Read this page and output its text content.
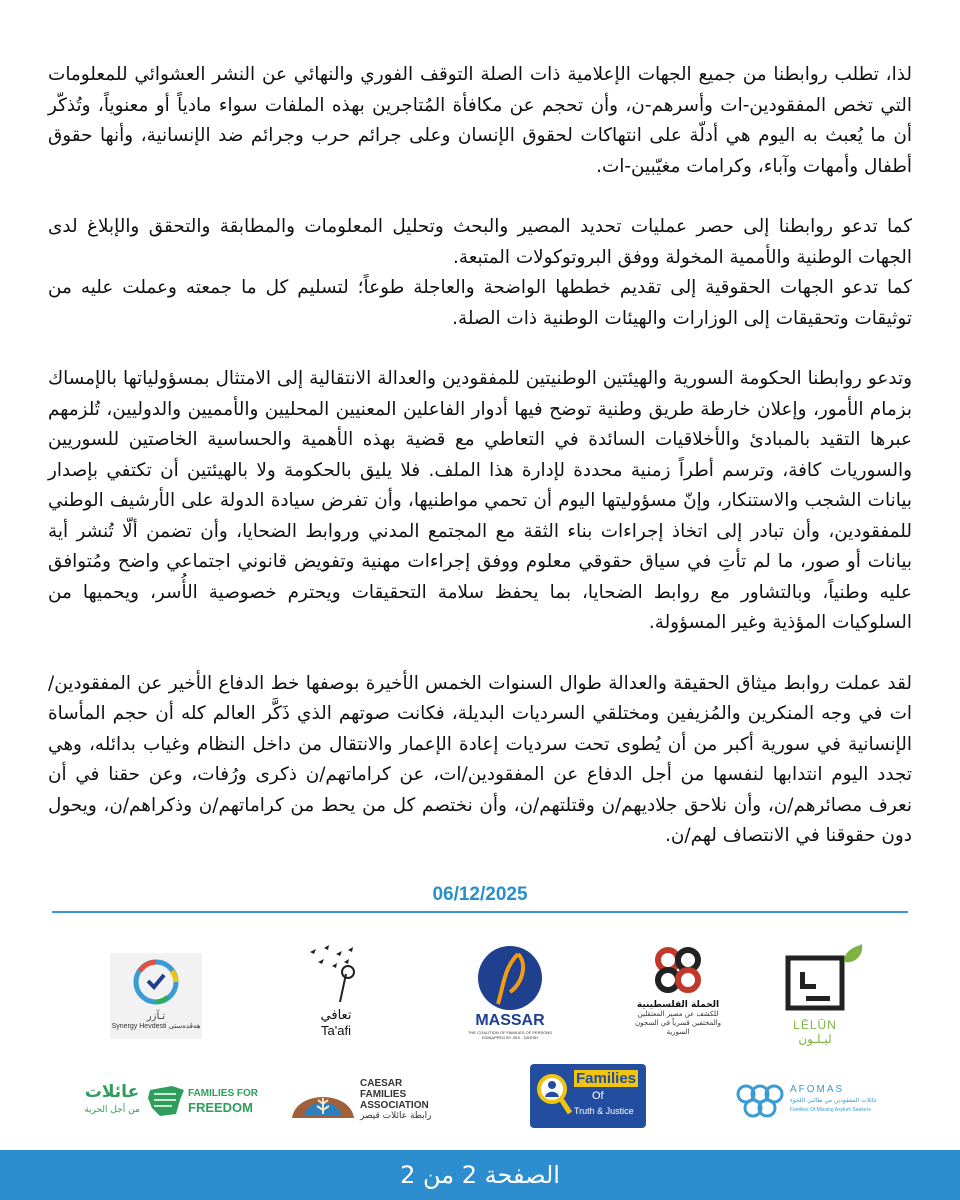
لذا، تطلب روابطنا من جميع الجهات الإعلامية ذات الصلة التوقف الفوري والنهائي عن النشر العشوائي للمعلومات التي تخص المفقودين-ات وأسرهم-ن، وأن تحجم عن مكافأة المُتاجرين بهذه الملفات سواء مادياً أو معنوياً، وتُذكّر أن ما يُعبث به اليوم هي أدلّة على انتهاكات لحقوق الإنسان وعلى جرائم حرب وجرائم ضد الإنسانية، وأنها حقوق أطفال وأمهات وآباء، وكرامات مغيّبين-ات.

كما تدعو روابطنا إلى حصر عمليات تحديد المصير والبحث وتحليل المعلومات والمطابقة والتحقق والإبلاغ لدى الجهات الوطنية والأممية المخولة ووفق البروتوكولات المتبعة.

كما تدعو الجهات الحقوقية إلى تقديم خططها الواضحة والعاجلة طوعاً؛ لتسليم كل ما جمعته وعملت عليه من توثيقات وتحقيقات إلى الوزارات والهيئات الوطنية ذات الصلة.

وتدعو روابطنا الحكومة السورية والهيئتين الوطنيتين للمفقودين والعدالة الانتقالية إلى الامتثال بمسؤولياتها بالإمساك بزمام الأمور، وإعلان خارطة طريق وطنية توضح فيها أدوار الفاعلين المعنيين المحليين والأمميين والدوليين، تُلزمهم عبرها التقيد بالمبادئ والأخلاقيات السائدة في التعاطي مع قضية بهذه الأهمية والحساسية الخاصتين للسوريين والسوريات كافة، وترسم أطراً زمنية محددة لإدارة هذا الملف. فلا يليق بالحكومة ولا بالهيئتين أن تكتفي بإصدار بيانات الشجب والاستنكار، وإنّ مسؤوليتها اليوم أن تحمي مواطنيها، وأن تفرض سيادة الدولة على الأرشيف الوطني للمفقودين، وأن تبادر إلى اتخاذ إجراءات بناء الثقة مع المجتمع المدني وروابط الضحايا، وأن تضمن ألّا تُنشر أية بيانات أو صور، ما لم تأتِ في سياق حقوقي معلوم ووفق إجراءات مهنية وتفويض قانوني اجتماعي واضح ومُتوافق عليه وطنياً، وبالتشاور مع روابط الضحايا، بما يحفظ سلامة التحقيقات ويحترم خصوصية الأُسر، ويحميها من السلوكيات المؤذية وغير المسؤولة.

لقد عملت روابط ميثاق الحقيقة والعدالة طوال السنوات الخمس الأخيرة بوصفها خط الدفاع الأخير عن المفقودين/ات في وجه المنكرين والمُزيفين ومختلقي السرديات البديلة، فكانت صوتهم الذي ذَكَّر العالم كله أن حجم المأساة الإنسانية في سورية أكبر من أن يُطوى تحت سرديات إعادة الإعمار والانتقال من داخل النظام وغياب بدائله، وهي تجدد اليوم انتدابها لنفسها من أجل الدفاع عن المفقودين/ات، عن كراماتهم/ن ذكرى ورُفات، وعن حقنا في أن نعرف مصائرهم/ن، وأن نلاحق جلاديهم/ن وقتلتهم/ن، وأن نختصم كل من يحط من كراماتهم/ن وذكراهم/ن، ويحول دون حقوقنا في الانتصاف لهم/ن.

06/12/2025
LĒLŪN
ليـلـون
الحملة الفلسطينية
للكشف عن مصير المعتقلين والمختفين قسرياً في السجون السورية
MASSAR
THE COALITION OF FAMILIES OF PERSONS KIDNAPPED BY ISIS - DA'ESH
تعافي
Ta'afi
تـآزر
Synergy Hevdesti هەڤدەستی
AFOMAS
عائلات المفقودين من طالبي اللجوء
Families Of Missing Asylum Seekers
Families
Of
Truth & Justice
CAESAR
FAMILIES
ASSOCIATION
رابطة عائلات قيصر
عائلات
من أجل الحرية
FAMILIES FOR
FREEDOM
الصفحة 2 من 2
